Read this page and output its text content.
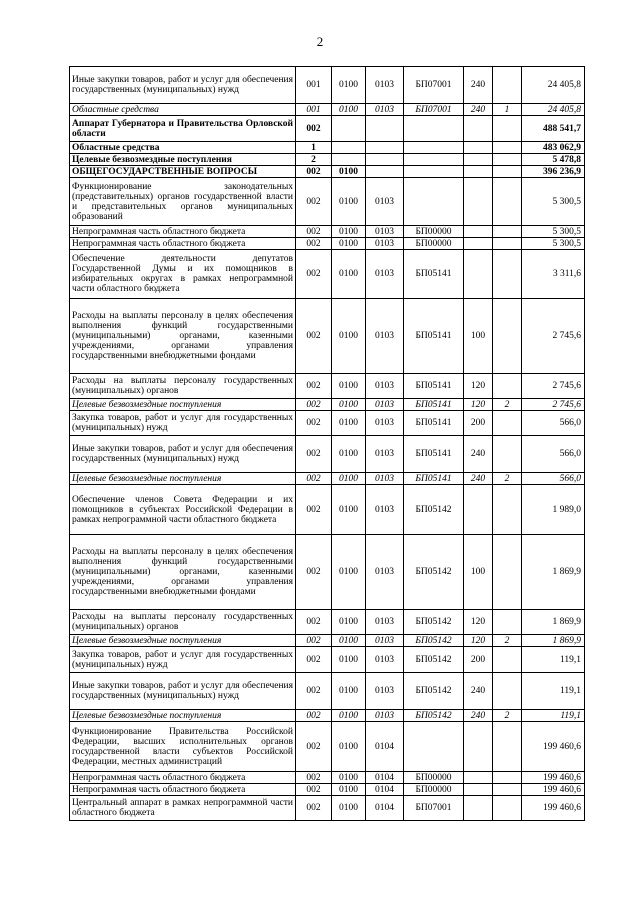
2
Иные закупки товаров, работ и услуг для обеспечения государственных (муниципальных) нужд	001	0100	0103	БП07001	240		24 405,8
Областные средства	001	0100	0103	БП07001	240	1	24 405,8
Аппарат Губернатора и Правительства Орловской области	002						488 541,7
Областные средства	1						483 062,9
Целевые безвозмездные поступления	2						5 478,8
ОБЩЕГОСУДАРСТВЕННЫЕ ВОПРОСЫ	002	0100					396 236,9
Функционирование законодательных (представительных) органов государственной власти и представительных органов муниципальных образований	002	0100	0103				5 300,5
Непрограммная часть областного бюджета	002	0100	0103	БП00000			5 300,5
Непрограммная часть областного бюджета	002	0100	0103	БП00000			5 300,5
Обеспечение деятельности депутатов Государственной Думы и их помощников в избирательных округах в рамках непрограммной части областного бюджета	002	0100	0103	БП05141			3 311,6
Расходы на выплаты персоналу в целях обеспечения выполнения функций государственными (муниципальными) органами, казенными учреждениями, органами управления государственными внебюджетными фондами	002	0100	0103	БП05141	100		2 745,6
Расходы на выплаты персоналу государственных (муниципальных) органов	002	0100	0103	БП05141	120		2 745,6
Целевые безвозмездные поступления	002	0100	0103	БП05141	120	2	2 745,6
Закупка товаров, работ и услуг для государственных (муниципальных) нужд	002	0100	0103	БП05141	200		566,0
Иные закупки товаров, работ и услуг для обеспечения государственных (муниципальных) нужд	002	0100	0103	БП05141	240		566,0
Целевые безвозмездные поступления	002	0100	0103	БП05141	240	2	566,0
Обеспечение членов Совета Федерации и их помощников в субъектах Российской Федерации в рамках непрограммной части областного бюджета	002	0100	0103	БП05142			1 989,0
Расходы на выплаты персоналу в целях обеспечения выполнения функций государственными (муниципальными) органами, казенными учреждениями, органами управления государственными внебюджетными фондами	002	0100	0103	БП05142	100		1 869,9
Расходы на выплаты персоналу государственных (муниципальных) органов	002	0100	0103	БП05142	120		1 869,9
Целевые безвозмездные поступления	002	0100	0103	БП05142	120	2	1 869,9
Закупка товаров, работ и услуг для государственных (муниципальных) нужд	002	0100	0103	БП05142	200		119,1
Иные закупки товаров, работ и услуг для обеспечения государственных (муниципальных) нужд	002	0100	0103	БП05142	240		119,1
Целевые безвозмездные поступления	002	0100	0103	БП05142	240	2	119,1
Функционирование Правительства Российской Федерации, высших исполнительных органов государственной власти субъектов Российской Федерации, местных администраций	002	0100	0104				199 460,6
Непрограммная часть областного бюджета	002	0100	0104	БП00000			199 460,6
Непрограммная часть областного бюджета	002	0100	0104	БП00000			199 460,6
Центральный аппарат в рамках непрограммной части областного бюджета	002	0100	0104	БП07001			199 460,6
